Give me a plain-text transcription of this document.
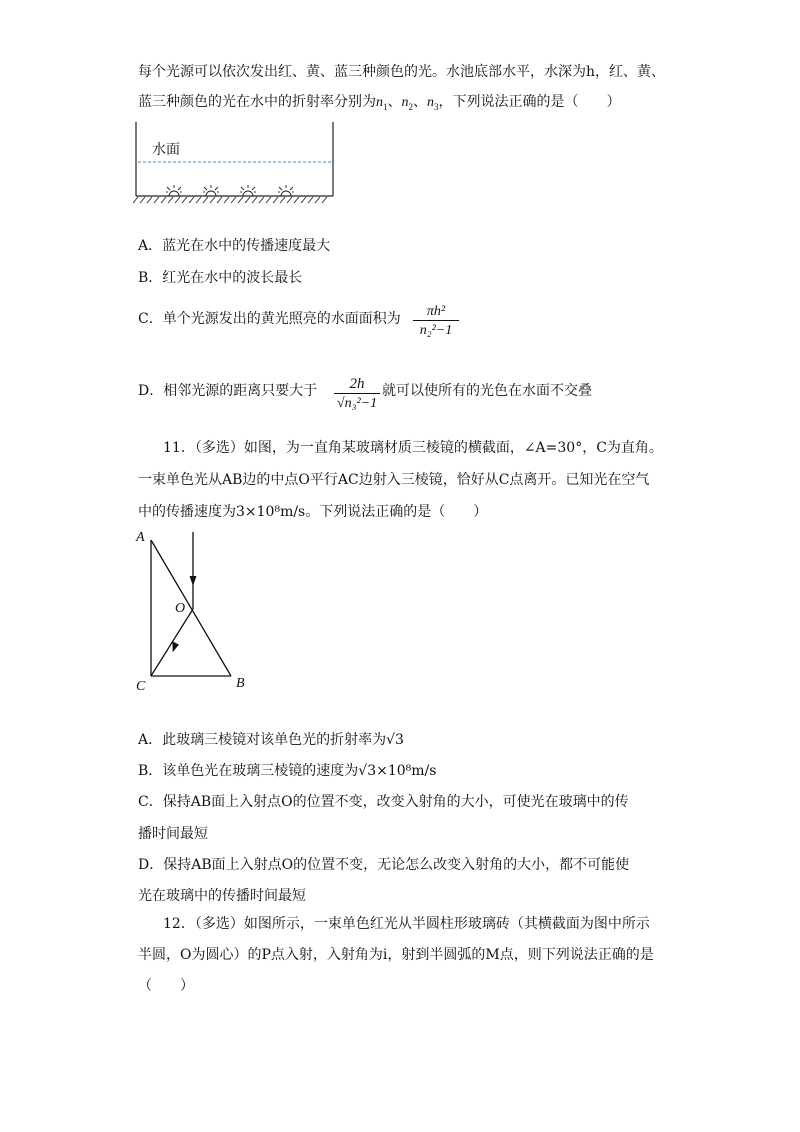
每个光源可以依次发出红、黄、蓝三种颜色的光。水池底部水平，水深为h，红、黄、
蓝三种颜色的光在水中的折射率分别为$n_1$、$n_2$、$n_3$，下列说法正确的是（　　）
水面
A．蓝光在水中的传播速度最大
B．红光在水中的波长最长
C．单个光源发出的黄光照亮的水面面积为	πh²
n₂²−1
D．相邻光源的距离只要大于	2h
√n₃²−1
就可以使所有的光色在水面不交叠
11．（多选）如图，为一直角某玻璃材质三棱镜的横截面，∠A=30°，C为直角。
一束单色光从AB边的中点O平行AC边射入三棱镜，恰好从C点离开。已知光在空气
中的传播速度为3×10⁸m/s。下列说法正确的是（　　）
A
O
C	B
A．此玻璃三棱镜对该单色光的折射率为√3
B．该单色光在玻璃三棱镜的速度为√3×10⁸m/s
C．保持AB面上入射点O的位置不变，改变入射角的大小，可使光在玻璃中的传
播时间最短
D．保持AB面上入射点O的位置不变，无论怎么改变入射角的大小，都不可能使
光在玻璃中的传播时间最短
12．（多选）如图所示，一束单色红光从半圆柱形玻璃砖（其横截面为图中所示
半圆，O为圆心）的P点入射，入射角为i，射到半圆弧的M点，则下列说法正确的是
（　　）
